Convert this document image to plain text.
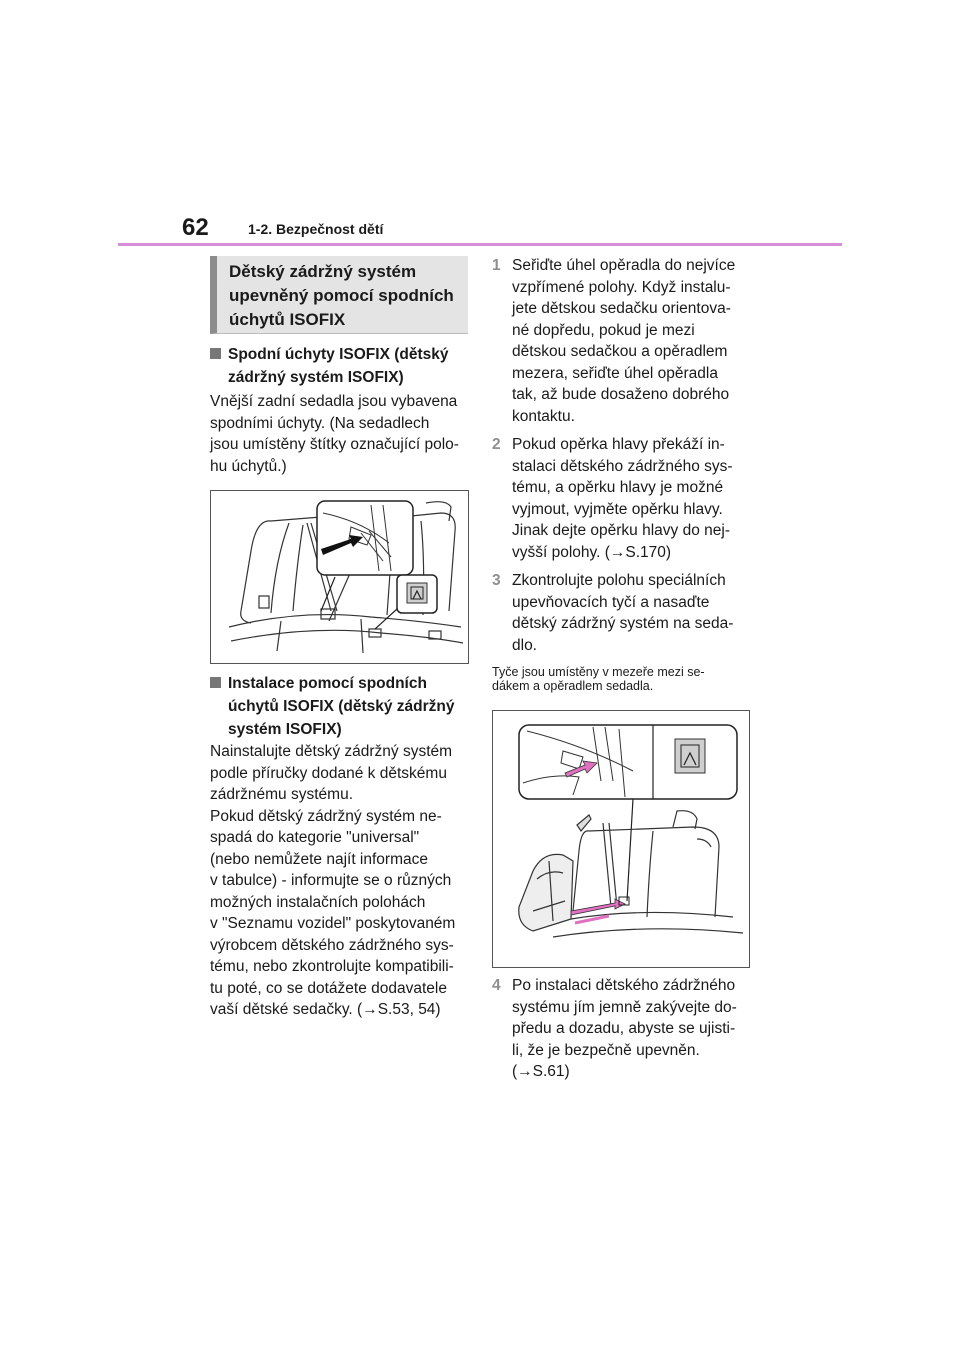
62	1-2. Bezpečnost dětí
Dětský zádržný systém
upevněný pomocí spodních
úchytů ISOFIX
Spodní úchyty ISOFIX (dětský
zádržný systém ISOFIX)
Vnější zadní sedadla jsou vybavena
spodními úchyty. (Na sedadlech
jsou umístěny štítky označující polo-
hu úchytů.)
Instalace pomocí spodních
úchytů ISOFIX (dětský zádržný
systém ISOFIX)
Nainstalujte dětský zádržný systém
podle příručky dodané k dětskému
zádržnému systému.
Pokud dětský zádržný systém ne-
spadá do kategorie "universal"
(nebo nemůžete najít informace
v tabulce) - informujte se o různých
možných instalačních polohách
v "Seznamu vozidel" poskytovaném
výrobcem dětského zádržného sys-
tému, nebo zkontrolujte kompatibili-
tu poté, co se dotážete dodavatele
vaší dětské sedačky. (→S.53, 54)
1 Seřiďte úhel opěradla do nejvíce
vzpřímené polohy. Když instalu-
jete dětskou sedačku orientova-
né dopředu, pokud je mezi
dětskou sedačkou a opěradlem
mezera, seřiďte úhel opěradla
tak, až bude dosaženo dobrého
kontaktu.
2 Pokud opěrka hlavy překáží in-
stalaci dětského zádržného sys-
tému, a opěrku hlavy je možné
vyjmout, vyjměte opěrku hlavy.
Jinak dejte opěrku hlavy do nej-
vyšší polohy. (→S.170)
3 Zkontrolujte polohu speciálních
upevňovacích tyčí a nasaďte
dětský zádržný systém na seda-
dlo.
Tyče jsou umístěny v mezeře mezi se-
dákem a opěradlem sedadla.
4 Po instalaci dětského zádržného
systému jím jemně zakývejte do-
předu a dozadu, abyste se ujisti-
li, že je bezpečně upevněn.
(→S.61)
